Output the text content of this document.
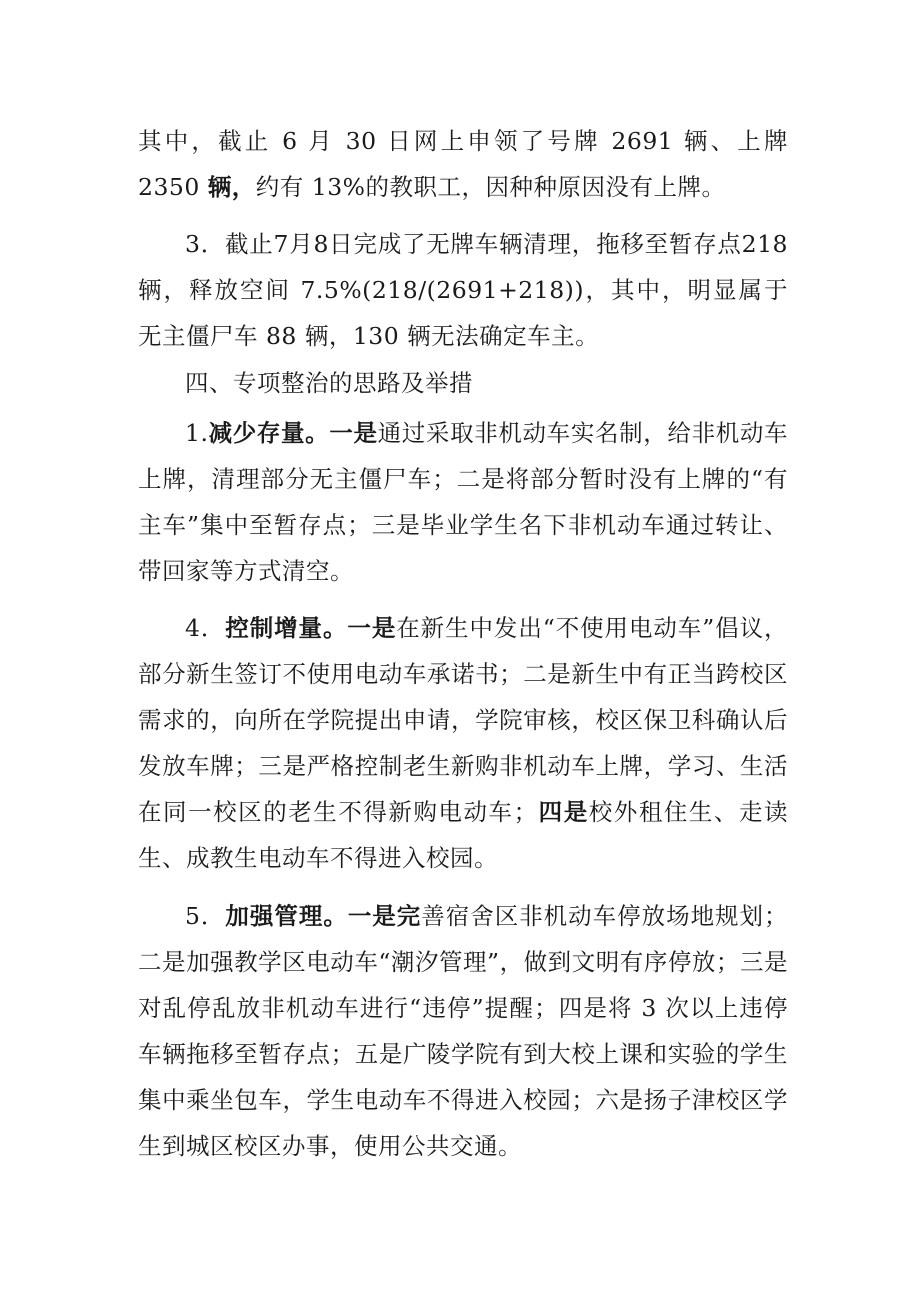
其中，截止 6 月 30 日网上申领了号牌 2691 辆、上牌 2350 辆，约有 13%的教职工，因种种原因没有上牌。

3．截止7月8日完成了无牌车辆清理，拖移至暂存点218辆，释放空间 7.5%(218/(2691+218))，其中，明显属于无主僵尸车 88 辆，130 辆无法确定车主。

四、专项整治的思路及举措

1.减少存量。一是通过采取非机动车实名制，给非机动车上牌，清理部分无主僵尸车；二是将部分暂时没有上牌的“有主车”集中至暂存点；三是毕业学生名下非机动车通过转让、带回家等方式清空。

4．控制增量。一是在新生中发出“不使用电动车”倡议，部分新生签订不使用电动车承诺书；二是新生中有正当跨校区需求的，向所在学院提出申请，学院审核，校区保卫科确认后发放车牌；三是严格控制老生新购非机动车上牌，学习、生活在同一校区的老生不得新购电动车；四是校外租住生、走读生、成教生电动车不得进入校园。

5．加强管理。一是完善宿舍区非机动车停放场地规划；二是加强教学区电动车“潮汐管理”，做到文明有序停放；三是对乱停乱放非机动车进行“违停”提醒；四是将 3 次以上违停车辆拖移至暂存点；五是广陵学院有到大校上课和实验的学生集中乘坐包车，学生电动车不得进入校园；六是扬子津校区学生到城区校区办事，使用公共交通。
